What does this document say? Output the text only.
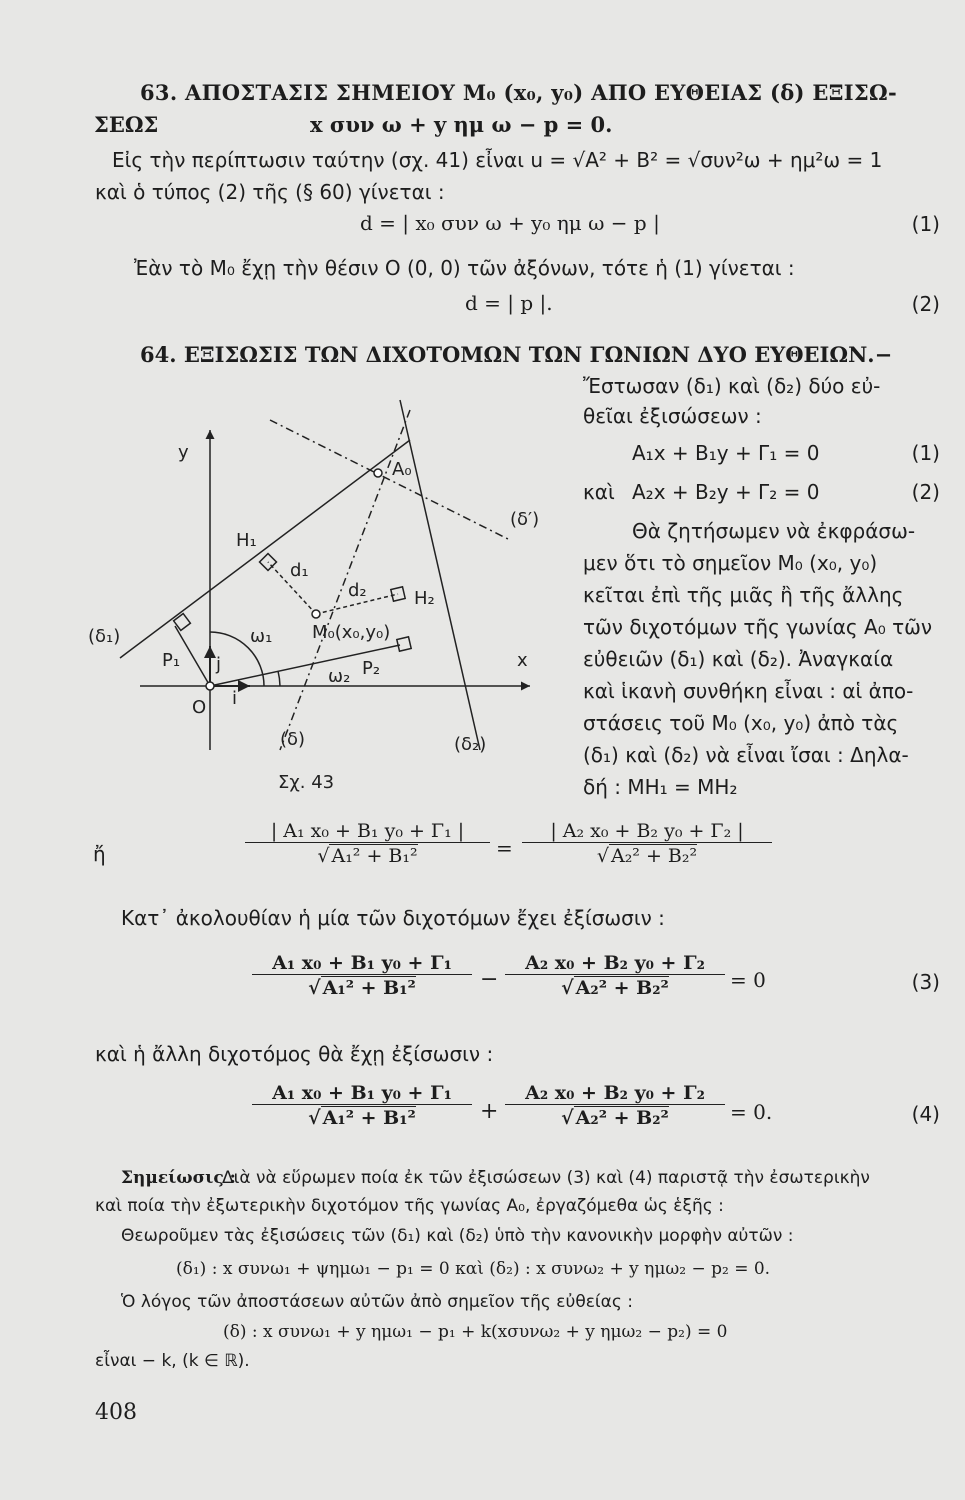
63. ΑΠΟΣΤΑΣΙΣ ΣΗΜΕΙΟΥ M₀ (x₀, y₀) ΑΠΟ ΕΥΘΕΙΑΣ (δ) ΕΞΙΣΩ-
ΣΕΩΣ	x συν ω + y ημ ω − p = 0.
Εἰς τὴν περίπτωσιν ταύτην (σχ. 41) εἶναι u = √A² + B² = √συν²ω + ημ²ω = 1
καὶ ὁ τύπος (2) τῆς (§ 60) γίνεται :
d = | x₀ συν ω + y₀ ημ ω − p |	(1)
Ἐὰν τὸ M₀ ἔχῃ τὴν θέσιν O (0, 0) τῶν ἀξόνων, τότε ἡ (1) γίνεται :
d = | p |.	(2)
64. ΕΞΙΣΩΣΙΣ ΤΩΝ ΔΙΧΟΤΟΜΩΝ ΤΩΝ ΓΩΝΙΩΝ ΔΥΟ ΕΥΘΕΙΩΝ.−
Ἔστωσαν (δ₁) καὶ (δ₂) δύο εὐ-
θεῖαι ἐξισώσεων :
A₁x + B₁y + Γ₁ = 0	(1)
καὶ A₂x + B₂y + Γ₂ = 0	(2)
Θὰ ζητήσωμεν νὰ ἐκφράσω-
μεν ὅτι τὸ σημεῖον M₀ (x₀, y₀)
κεῖται ἐπὶ τῆς μιᾶς ἢ τῆς ἄλλης
τῶν διχοτόμων τῆς γωνίας A₀ τῶν
εὐθειῶν (δ₁) καὶ (δ₂). Ἀναγκαία
καὶ ἱκανὴ συνθήκη εἶναι : αἱ ἀπο-
στάσεις τοῦ M₀ (x₀, y₀) ἀπὸ τὰς
(δ₁) καὶ (δ₂) νὰ εἶναι ἴσαι : Δηλα-
δή : MH₁ = MH₂
y
x
O
A₀
H₁
H₂
d₁
d₂
M₀(x₀,y₀)
(δ′)
(δ₁)
(δ₂)
(δ)
ω₁
ω₂
P₁	P₂
j
i
Σχ. 43
ἤ	$\frac{\text{| A₁ x₀ + B₁ y₀ + Γ₁ |}}{\text{√ A₁² + B₁²}} = \frac{\text{| A₂ x₀ + B₂ y₀ + Γ₂ |}}{\text{√ A₂² + B₂²}}$
Κατ᾽ ἀκολουθίαν ἡ μία τῶν διχοτόμων ἔχει ἐξίσωσιν :
$\frac{\text{A₁ x₀ + B₁ y₀ + Γ₁}}{\text{√ A₁² + B₁²}} - \frac{\text{A₂ x₀ + B₂ y₀ + Γ₂}}{\text{√ A₂² + B₂²}} = 0$	(3)
καὶ ἡ ἄλλη διχοτόμος θὰ ἔχῃ ἐξίσωσιν :
$\frac{\text{A₁ x₀ + B₁ y₀ + Γ₁}}{\text{√ A₁² + B₁²}} + \frac{\text{A₂ x₀ + B₂ y₀ + Γ₂}}{\text{√ A₂² + B₂²}} = 0$.	(4)
Σημείωσις :
Διὰ νὰ εὕρωμεν ποία ἐκ τῶν ἐξισώσεων (3) καὶ (4) παριστᾷ τὴν ἐσωτερικὴν
καὶ ποία τὴν ἐξωτερικὴν διχοτόμον τῆς γωνίας A₀, ἐργαζόμεθα ὡς ἑξῆς :
Θεωροῦμεν τὰς ἐξισώσεις τῶν (δ₁) καὶ (δ₂) ὑπὸ τὴν κανονικὴν μορφὴν αὐτῶν :
(δ₁) : x συνω₁ + ψημω₁ − p₁ = 0 καὶ (δ₂) : x συνω₂ + y ημω₂ − p₂ = 0.
Ὁ λόγος τῶν ἀποστάσεων αὐτῶν ἀπὸ σημεῖον τῆς εὐθείας :
(δ) : x συνω₁ + y ημω₁ − p₁ + k(xσυνω₂ + y ημω₂ − p₂) = 0
εἶναι − k, (k ∈ ℝ).
408
